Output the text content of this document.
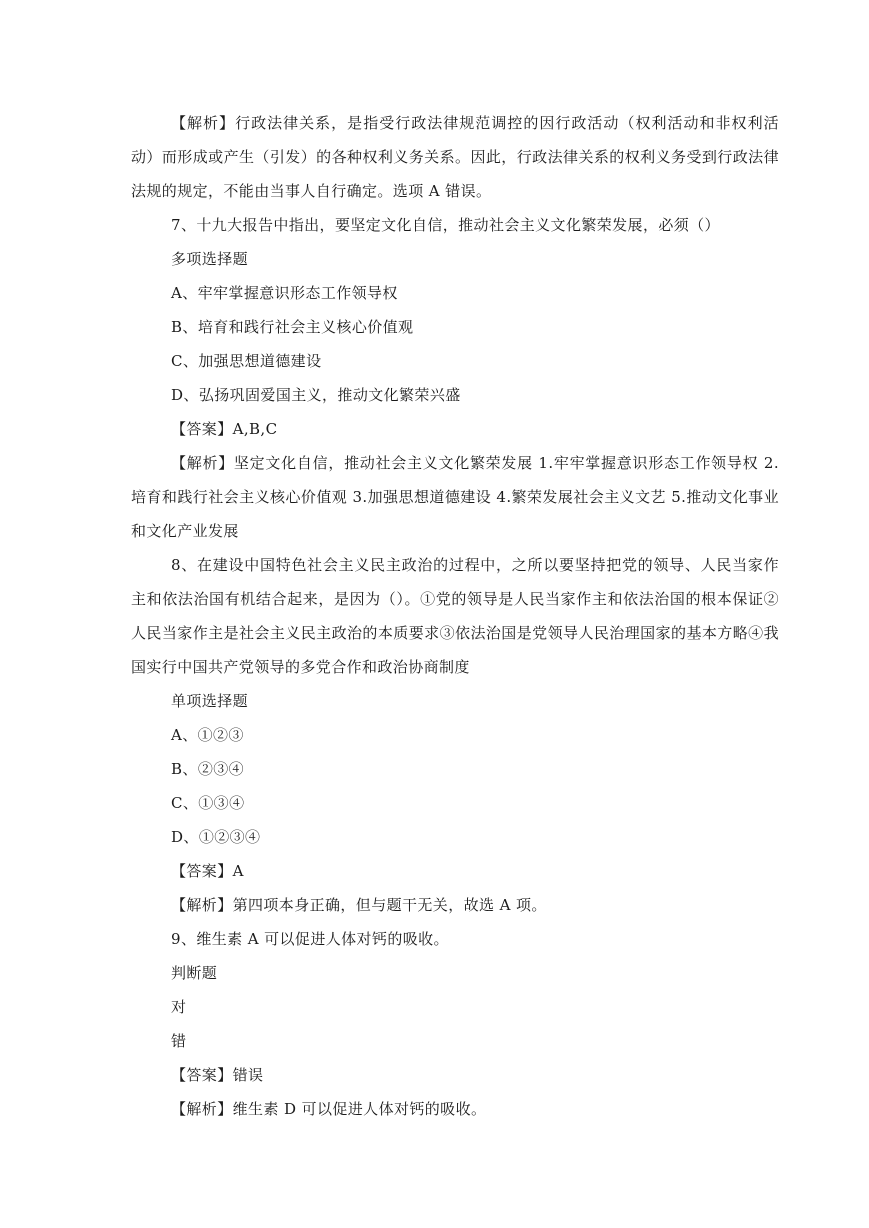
【解析】行政法律关系，是指受行政法律规范调控的因行政活动（权利活动和非权利活动）而形成或产生（引发）的各种权利义务关系。因此，行政法律关系的权利义务受到行政法律法规的规定，不能由当事人自行确定。选项 A 错误。

7、十九大报告中指出，要坚定文化自信，推动社会主义文化繁荣发展，必须（）

多项选择题

A、牢牢掌握意识形态工作领导权

B、培育和践行社会主义核心价值观

C、加强思想道德建设

D、弘扬巩固爱国主义，推动文化繁荣兴盛

【答案】A,B,C

【解析】坚定文化自信，推动社会主义文化繁荣发展 1.牢牢掌握意识形态工作领导权 2.培育和践行社会主义核心价值观 3.加强思想道德建设 4.繁荣发展社会主义文艺 5.推动文化事业和文化产业发展

8、在建设中国特色社会主义民主政治的过程中，之所以要坚持把党的领导、人民当家作主和依法治国有机结合起来，是因为（）。①党的领导是人民当家作主和依法治国的根本保证②人民当家作主是社会主义民主政治的本质要求③依法治国是党领导人民治理国家的基本方略④我国实行中国共产党领导的多党合作和政治协商制度

单项选择题

A、①②③

B、②③④

C、①③④

D、①②③④

【答案】A

【解析】第四项本身正确，但与题干无关，故选 A 项。

9、维生素 A 可以促进人体对钙的吸收。

判断题

对

错

【答案】错误

【解析】维生素 D 可以促进人体对钙的吸收。
